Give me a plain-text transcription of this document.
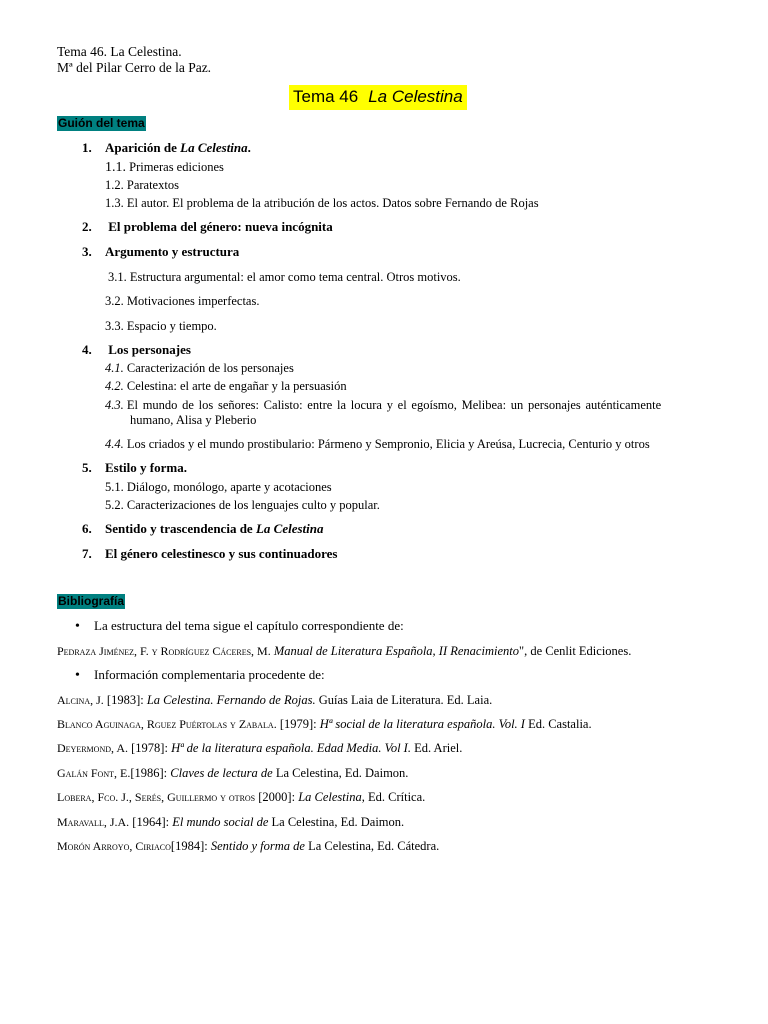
Tema 46. La Celestina.
Mª del Pilar Cerro de la Paz.
Tema 46 La Celestina
Guión del tema
1. Aparición de La Celestina.
1.1. Primeras ediciones
1.2. Paratextos
1.3. El autor. El problema de la atribución de los actos. Datos sobre Fernando de Rojas
2. El problema del género: nueva incógnita
3. Argumento y estructura
3.1. Estructura argumental: el amor como tema central. Otros motivos.
3.2. Motivaciones imperfectas.
3.3. Espacio y tiempo.
4. Los personajes
4.1. Caracterización de los personajes
4.2. Celestina: el arte de engañar y la persuasión
4.3. El mundo de los señores: Calisto: entre la locura y el egoísmo, Melibea: un personajes auténticamente
humano, Alisa y Pleberio
4.4. Los criados y el mundo prostibulario: Pármeno y Sempronio, Elicia y Areúsa, Lucrecia, Centurio y otros
5. Estilo y forma.
5.1. Diálogo, monólogo, aparte y acotaciones
5.2. Caracterizaciones de los lenguajes culto y popular.
6. Sentido y trascendencia de La Celestina
7. El género celestinesco y sus continuadores
Bibliografía
• La estructura del tema sigue el capítulo correspondiente de:
Pedraza Jiménez, F. y Rodríguez Cáceres, M. Manual de Literatura Española, II Renacimiento", de Cenlit Ediciones.
• Información complementaria procedente de:
Alcina, J. [1983]: La Celestina. Fernando de Rojas. Guías Laia de Literatura. Ed. Laia.
Blanco Aguinaga, Rguez Puértolas y Zabala. [1979]: Hª social de la literatura española. Vol. I Ed. Castalia.
Deyermond, A. [1978]: Hª de la literatura española. Edad Media. Vol I. Ed. Ariel.
Galán Font, E.[1986]: Claves de lectura de La Celestina, Ed. Daimon.
Lobera, Fco. J., Serés, Guillermo y otros [2000]: La Celestina, Ed. Crítica.
Maravall, J.A. [1964]: El mundo social de La Celestina, Ed. Daimon.
Morón Arroyo, Ciriaco[1984]: Sentido y forma de La Celestina, Ed. Cátedra.
